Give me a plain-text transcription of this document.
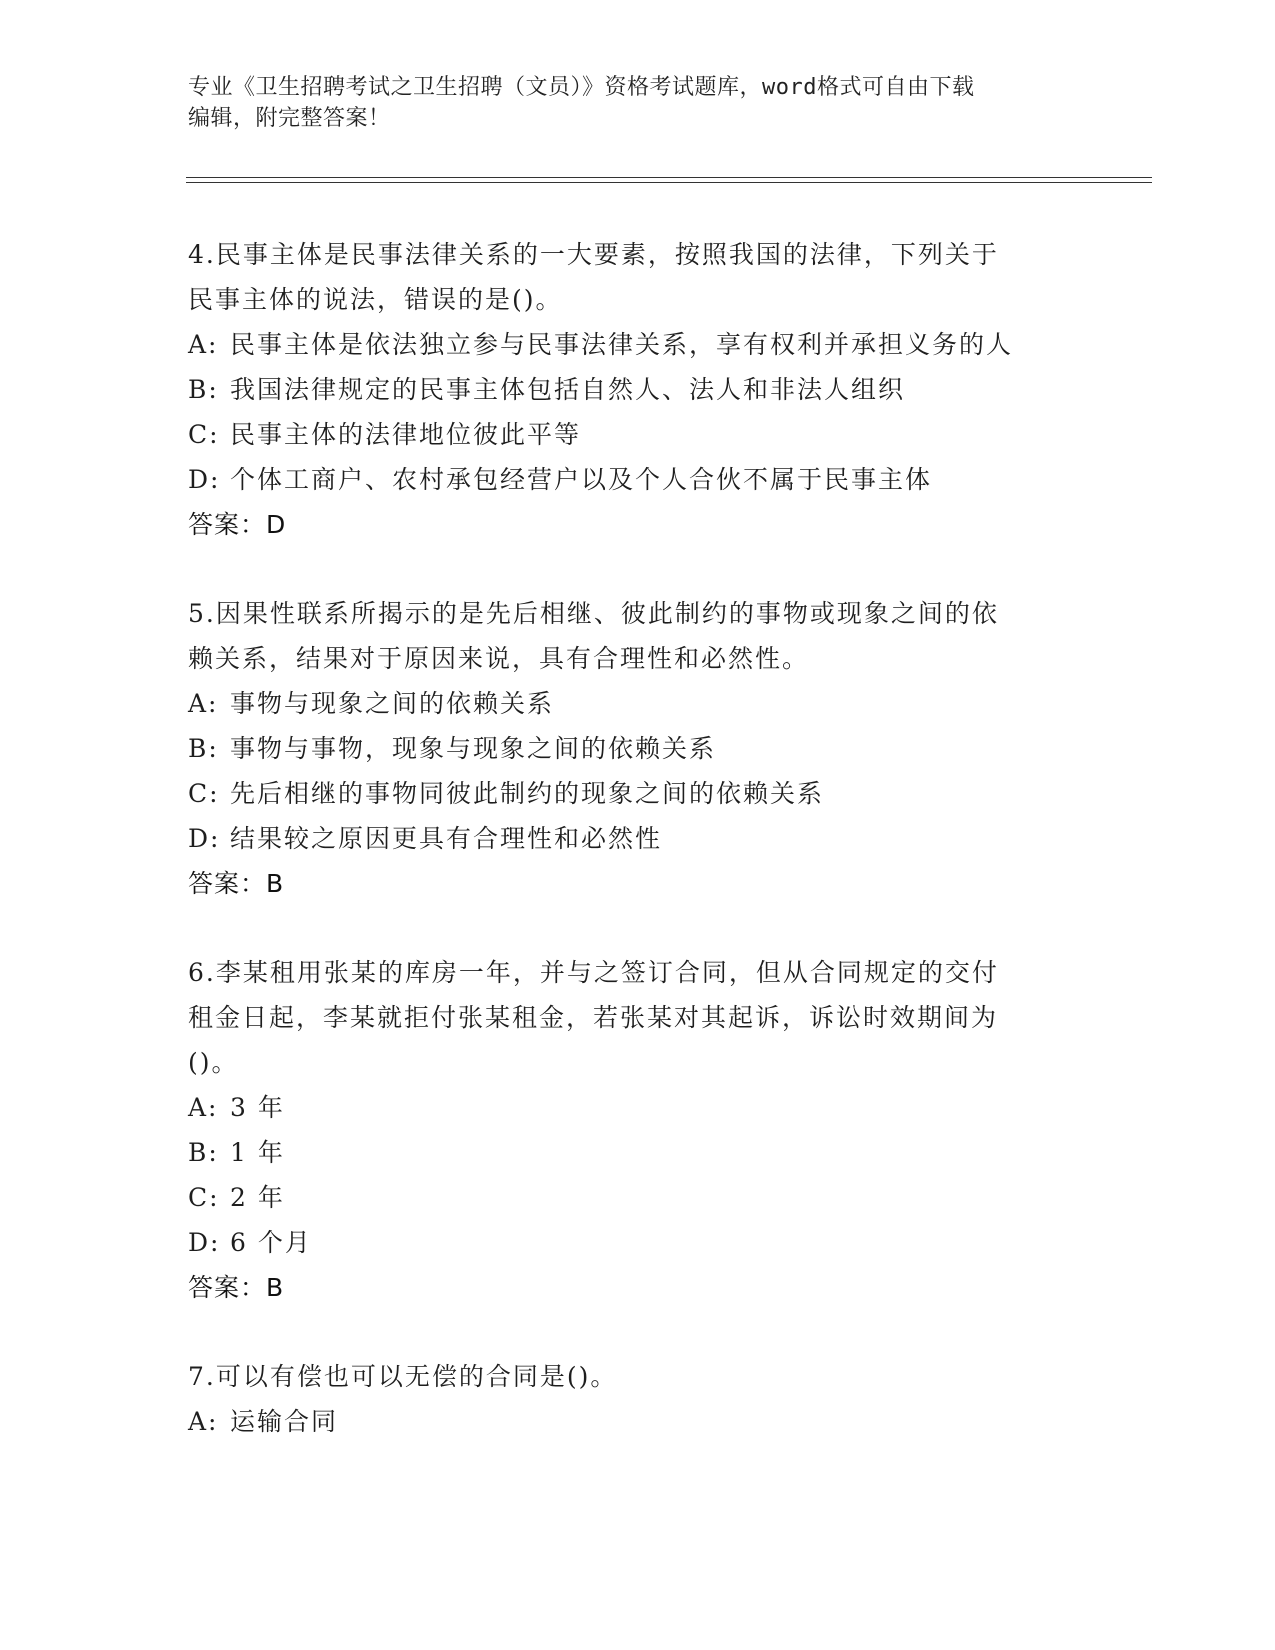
专业《卫生招聘考试之卫生招聘（文员）》资格考试题库，word格式可自由下载
编辑，附完整答案！

4.民事主体是民事法律关系的一大要素，按照我国的法律，下列关于

民事主体的说法，错误的是()。

A: 民事主体是依法独立参与民事法律关系，享有权利并承担义务的人

B: 我国法律规定的民事主体包括自然人、法人和非法人组织

C: 民事主体的法律地位彼此平等

D: 个体工商户、农村承包经营户以及个人合伙不属于民事主体

答案：D

5.因果性联系所揭示的是先后相继、彼此制约的事物或现象之间的依

赖关系，结果对于原因来说，具有合理性和必然性。

A: 事物与现象之间的依赖关系

B: 事物与事物，现象与现象之间的依赖关系

C: 先后相继的事物同彼此制约的现象之间的依赖关系

D: 结果较之原因更具有合理性和必然性

答案：B

6.李某租用张某的库房一年，并与之签订合同，但从合同规定的交付

租金日起，李某就拒付张某租金，若张某对其起诉，诉讼时效期间为

()。

A: 3 年

B: 1 年

C: 2 年

D: 6 个月

答案：B

7.可以有偿也可以无偿的合同是()。

A: 运输合同
